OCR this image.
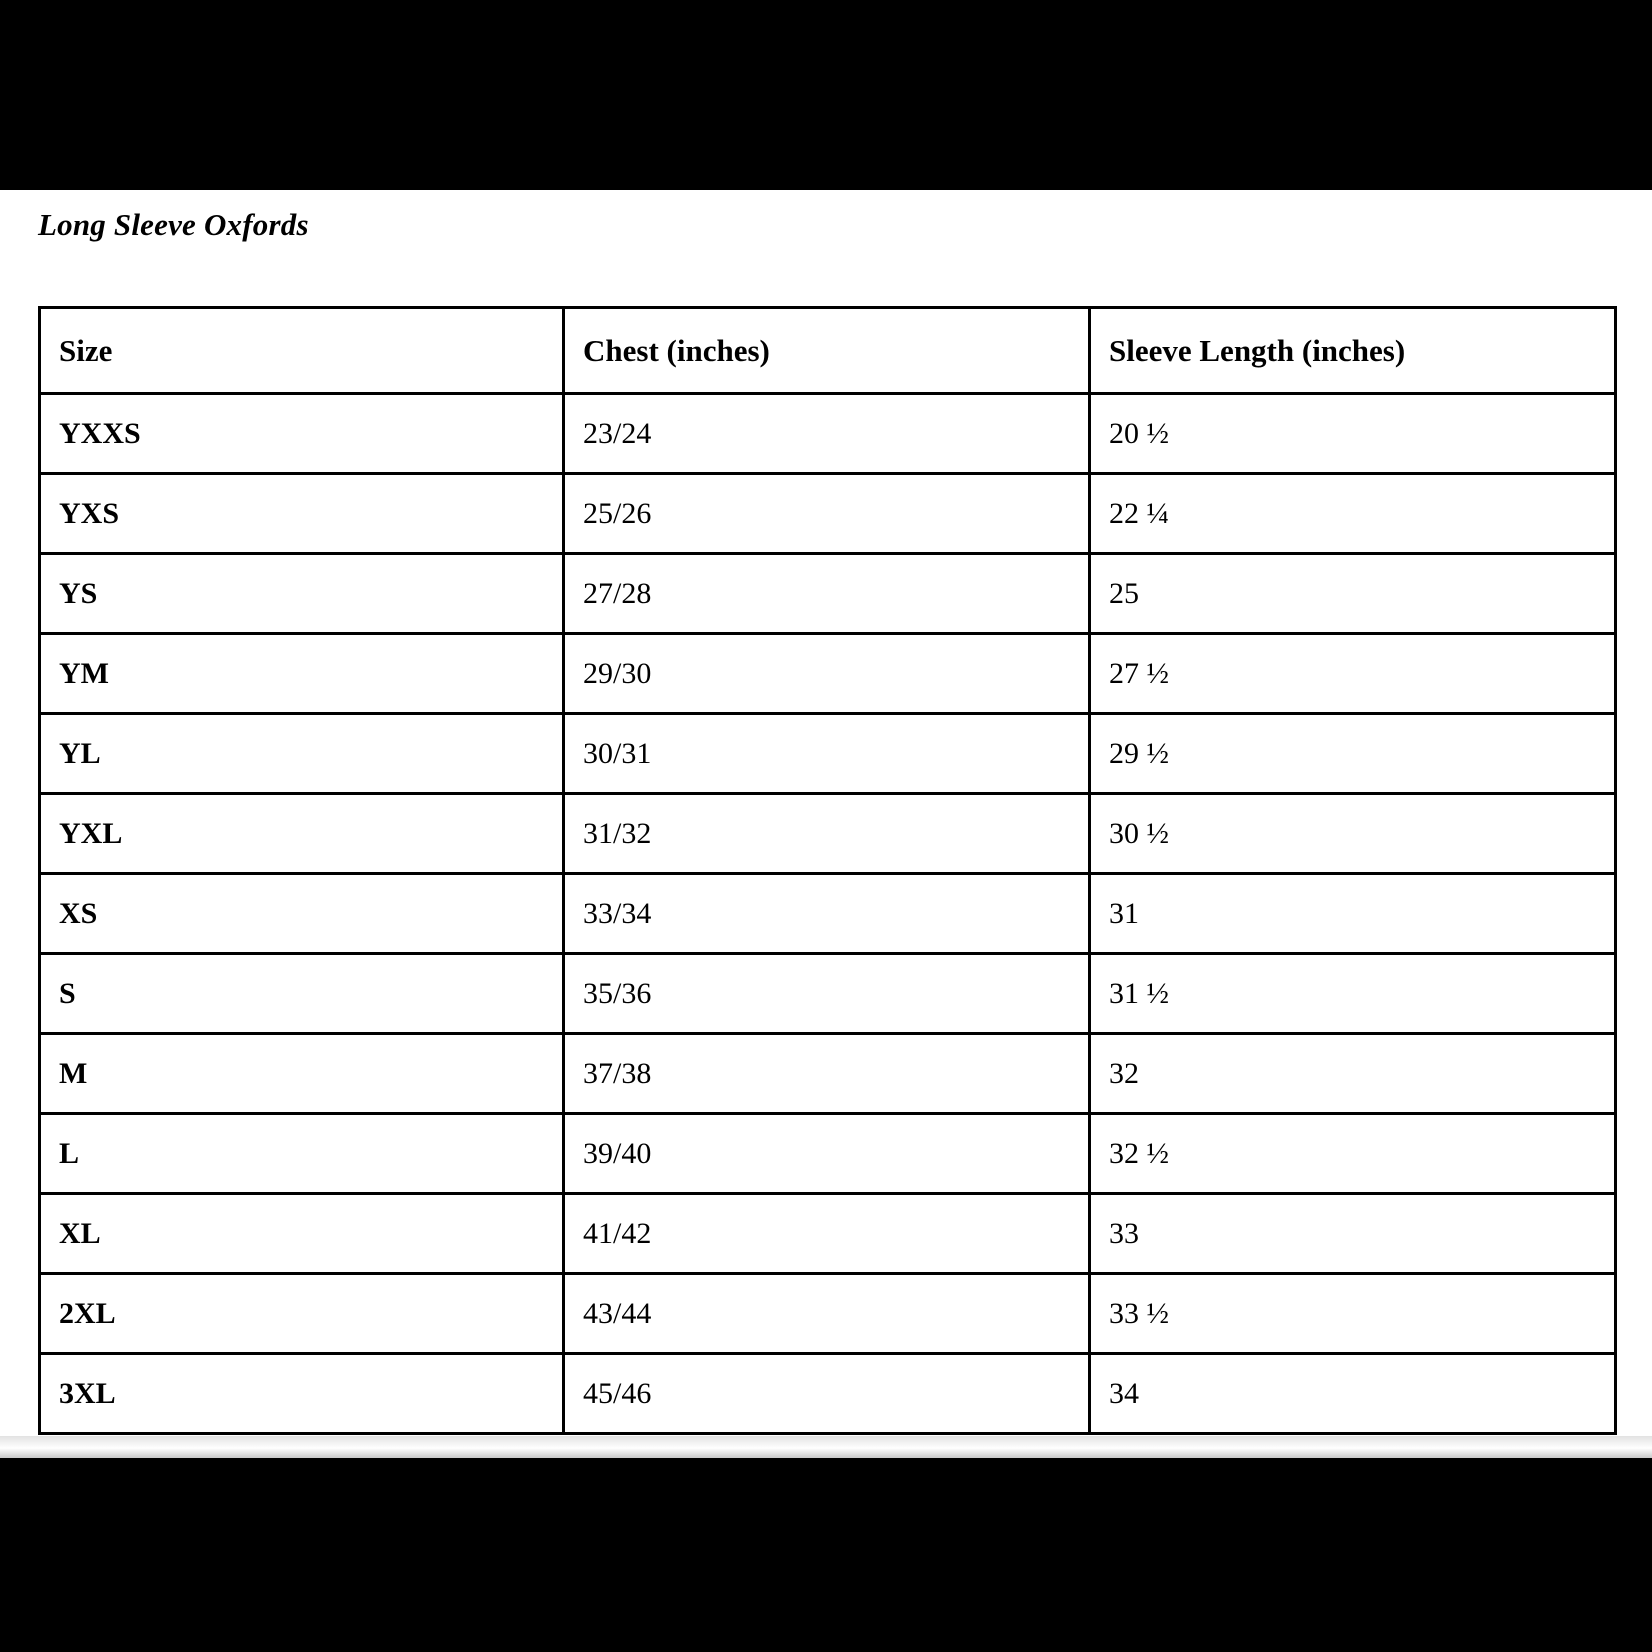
Long Sleeve Oxfords
Size	Chest (inches)	Sleeve Length (inches)
YXXS	23/24	20 ½
YXS	25/26	22 ¼
YS	27/28	25
YM	29/30	27 ½
YL	30/31	29 ½
YXL	31/32	30 ½
XS	33/34	31
S	35/36	31 ½
M	37/38	32
L	39/40	32 ½
XL	41/42	33
2XL	43/44	33 ½
3XL	45/46	34
